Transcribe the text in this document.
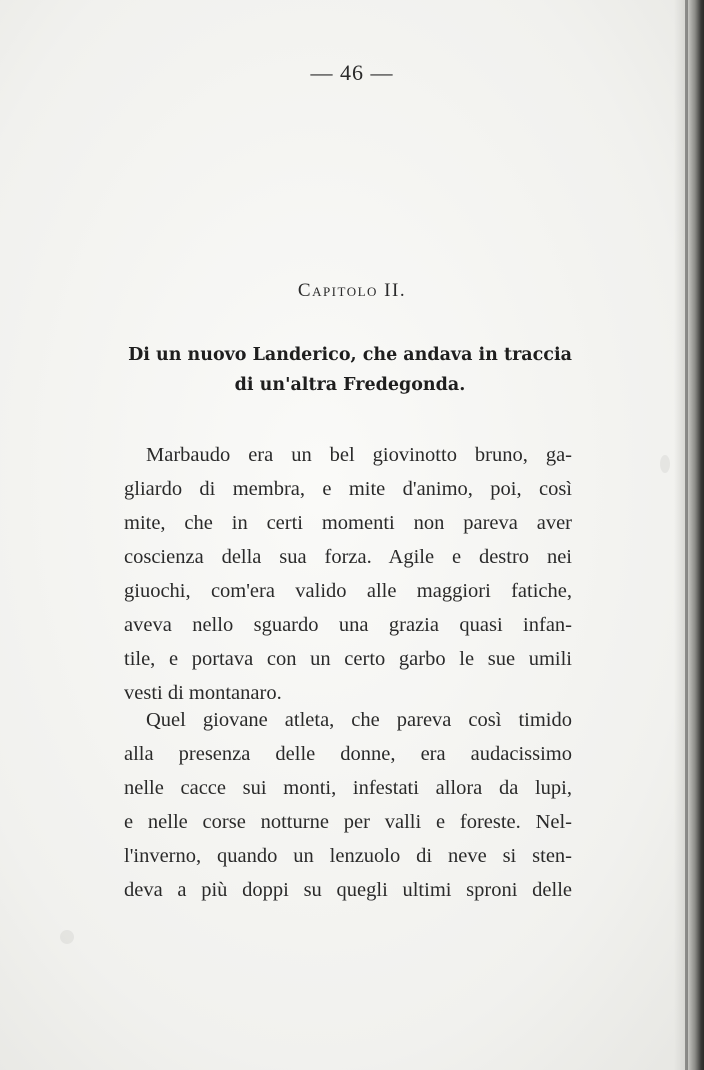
— 46 —
Capitolo II.
Di un nuovo Landerico, che andava in traccia
di un'altra Fredegonda.
Marbaudo era un bel giovinotto bruno, ga-
gliardo di membra, e mite d'animo, poi, così
mite, che in certi momenti non pareva aver
coscienza della sua forza. Agile e destro nei
giuochi, com'era valido alle maggiori fatiche,
aveva nello sguardo una grazia quasi infan-
tile, e portava con un certo garbo le sue umili
vesti di montanaro.
Quel giovane atleta, che pareva così timido
alla presenza delle donne, era audacissimo
nelle cacce sui monti, infestati allora da lupi,
e nelle corse notturne per valli e foreste. Nel-
l'inverno, quando un lenzuolo di neve si sten-
deva a più doppi su quegli ultimi sproni delle
